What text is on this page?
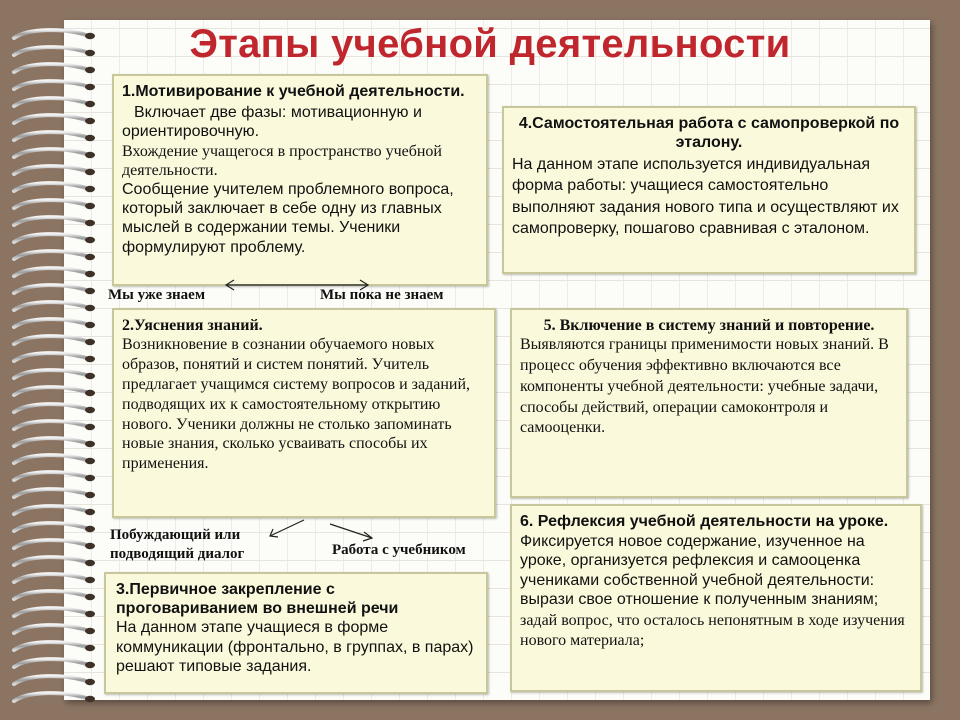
Этапы учебной деятельности
1.Мотивирование к учебной деятельности.
Включает две фазы: мотивационную и ориентировочную.
Вхождение учащегося в пространство учебной деятельности.
Сообщение учителем проблемного вопроса, который заключает в себе одну из главных мыслей в содержании темы. Ученики формулируют проблему.
4.Самостоятельная работа с самопроверкой по эталону.
На данном этапе используется индивидуальная форма работы: учащиеся самостоятельно выполняют задания нового типа и осуществляют их самопроверку, пошагово сравнивая с эталоном.
Мы уже знаем	Мы пока не знаем
2.Уяснения знаний.
Возникновение в сознании обучаемого новых образов, понятий и систем понятий. Учитель предлагает учащимся систему вопросов и заданий, подводящих их к самостоятельному открытию нового. Ученики должны не столько запоминать новые знания, сколько усваивать способы их применения.
5. Включение в систему знаний и повторение.
Выявляются границы применимости новых знаний. В процесс обучения эффективно включаются все компоненты учебной деятельности: учебные задачи, способы действий, операции самоконтроля и самооценки.
Побуждающий или подводящий диалог	Работа с учебником
3.Первичное закрепление с проговариванием во внешней речи
На данном этапе учащиеся в форме коммуникации (фронтально, в группах, в парах) решают типовые задания.
6. Рефлексия учебной деятельности на уроке. Фиксируется новое содержание, изученное на уроке, организуется рефлексия и самооценка учениками собственной учебной деятельности: вырази свое отношение к полученным знаниям;
задай вопрос, что осталось непонятным в ходе изучения нового материала;
